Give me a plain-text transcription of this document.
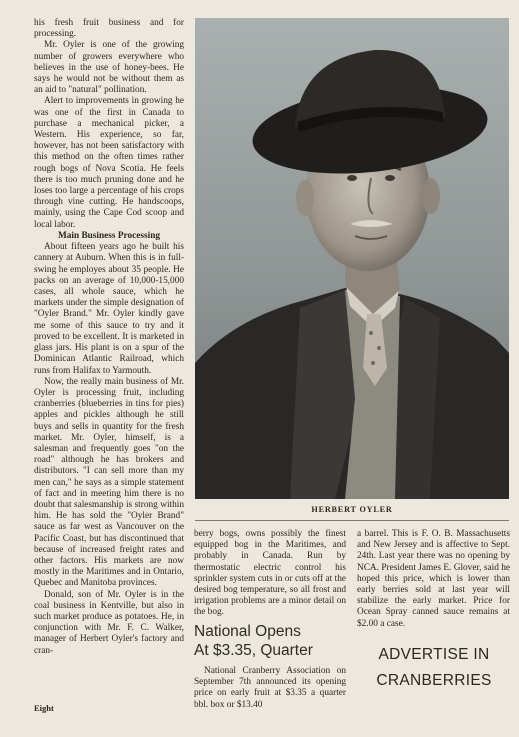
his fresh fruit business and for processing.

Mr. Oyler is one of the growing number of growers everywhere who believes in the use of honey-bees. He says he would not be without them as an aid to "natural" pollination.

Alert to improvements in growing he was one of the first in Canada to purchase a mechanical picker, a Western. His experience, so far, however, has not been satisfactory with this method on the often times rather rough bogs of Nova Scotia. He feels there is too much pruning done and he loses too large a percentage of his crops through vine cutting. He handscoops, mainly, using the Cape Cod scoop and local labor.

Main Business Processing

About fifteen years ago he built his cannery at Auburn. When this is in full-swing he employes about 35 people. He packs on an average of 10,000-15,000 cases, all whole sauce, which he markets under the simple designation of "Oyler Brand." Mr. Oyler kindly gave me some of this sauce to try and it proved to be excellent. It is marketed in glass jars. His plant is on a spur of the Dominican Atlantic Railroad, which runs from Halifax to Yarmouth.

Now, the really main business of Mr. Oyler is processing fruit, including cranberries (blueberries in tins for pies) apples and pickles although he still buys and sells in quantity for the fresh market. Mr. Oyler, himself, is a salesman and frequently goes "on the road" although he has brokers and distributors. "I can sell more than my men can," he says as a simple statement of fact and in meeting him there is no doubt that salesmanship is strong within him. He has sold the "Oyler Brand" sauce as far west as Vancouver on the Pacific Coast, but has discontinued that because of increased freight rates and other factors. His markets are now mostly in the Maritimes and in Ontario, Quebec and Manitoba provinces.

Donald, son of Mr. Oyler is in the coal business in Kentville, but also in such market produce as potatoes. He, in conjunction with Mr. F. C. Walker, manager of Herbert Oyler's factory and cran-

HERBERT OYLER

berry bogs, owns possibly the finest equipped bog in the Maritimes, and probably in Canada. Run by thermostatic electric control his sprinkler system cuts in or cuts off at the desired bog temperature, so all frost and irrigation problems are a minor detail on the bog.

a barrel. This is F. O. B. Massachusetts and New Jersey and is affective to Sept. 24th. Last year there was no opening by NCA. President James E. Glover, said he hoped this price, which is lower than early berries sold at last year will stabilize the early market. Price for Ocean Spray canned sauce remains at $2.00 a case.

National Opens
At $3.35, Quarter

National Cranberry Association on September 7th announced its opening price on early fruit at $3.35 a quarter bbl. box or $13.40

ADVERTISE IN
CRANBERRIES
Eight
